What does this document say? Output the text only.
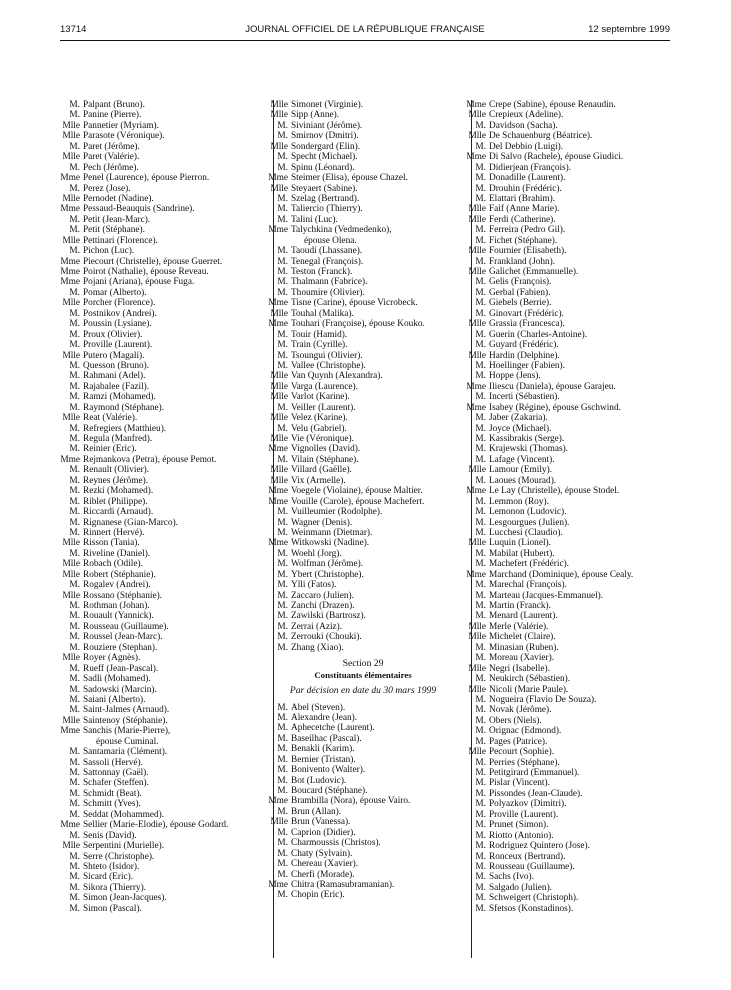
13714	JOURNAL OFFICIEL DE LA RÉPUBLIQUE FRANÇAISE	12 septembre 1999
M. Palpant (Bruno).
M. Panine (Pierre).
Mlle Pannetier (Myriam).
Mlle Parasote (Véronique).
M. Paret (Jérôme).
Mlle Paret (Valérie).
M. Pech (Jérôme).
Mme Penel (Laurence), épouse Pierron.
M. Perez (Jose).
Mlle Pernodet (Nadine).
Mme Pessaud-Beauquis (Sandrine).
M. Petit (Jean-Marc).
M. Petit (Stéphane).
Mlle Pettinari (Florence).
M. Pichon (Luc).
Mme Piecourt (Christelle), épouse Guerret.
Mme Poirot (Nathalie), épouse Reveau.
Mme Pojani (Ariana), épouse Fuga.
M. Pomar (Alberto).
Mlle Porcher (Florence).
M. Postnikov (Andrei).
M. Poussin (Lysiane).
M. Proux (Olivier).
M. Proville (Laurent).
Mlle Putero (Magali).
M. Quesson (Bruno).
M. Rahmani (Adel).
M. Rajabalee (Fazil).
M. Ramzi (Mohamed).
M. Raymond (Stéphane).
Mlle Reat (Valérie).
M. Refregiers (Matthieu).
M. Regula (Manfred).
M. Reinier (Eric).
Mme Rejmankova (Petra), épouse Pemot.
M. Renault (Olivier).
M. Reynes (Jérôme).
M. Rezki (Mohamed).
M. Riblet (Philippe).
M. Riccardi (Arnaud).
M. Rignanese (Gian-Marco).
M. Rinnert (Hervé).
Mlle Risson (Tania).
M. Riveline (Daniel).
Mlle Robach (Odile).
Mlle Robert (Stéphanie).
M. Rogalev (Andrei).
Mlle Rossano (Stéphanie).
M. Rothman (Johan).
M. Rouault (Yannick).
M. Rousseau (Guillaume).
M. Roussel (Jean-Marc).
M. Rouziere (Stephan).
Mlle Royer (Agnès).
M. Rueff (Jean-Pascal).
M. Sadli (Mohamed).
M. Sadowski (Marcin).
M. Saiani (Alberto).
M. Saint-Jalmes (Arnaud).
Mlle Saintenoy (Stéphanie).
Mme Sanchis (Marie-Pierre),
épouse Cuminal.
M. Santamaria (Clément).
M. Sassoli (Hervé).
M. Sattonnay (Gaël).
M. Schafer (Steffen).
M. Schmidt (Beat).
M. Schmitt (Yves).
M. Seddat (Mohammed).
Mme Sellier (Marie-Elodie), épouse Godard.
M. Senis (David).
Mlle Serpentini (Murielle).
M. Serre (Christophe).
M. Shteto (Isidor).
M. Sicard (Eric).
M. Sikora (Thierry).
M. Simon (Jean-Jacques).
M. Simon (Pascal).
Mlle Simonet (Virginie).
Mlle Sipp (Anne).
M. Siviniant (Jérôme).
M. Smirnov (Dmitri).
Mlle Sondergard (Elin).
M. Specht (Michael).
M. Spinu (Léonard).
Mme Steimer (Elisa), épouse Chazel.
Mlle Steyaert (Sabine).
M. Szelag (Bertrand).
M. Taliercio (Thierry).
M. Talini (Luc).
Mme Talychkina (Vedmedenko),
épouse Olena.
M. Taoudi (Lhassane).
M. Tenegal (François).
M. Teston (Franck).
M. Thalmann (Fabrice).
M. Thoumire (Olivier).
Mme Tisne (Carine), épouse Vicrobeck.
Mlle Touhal (Malika).
Mme Touhari (Françoise), épouse Kouko.
M. Touir (Hamid).
M. Train (Cyrille).
M. Tsoungui (Olivier).
M. Vallee (Christophe).
Mlle Van Quynh (Alexandra).
Mlle Varga (Laurence).
Mlle Varlot (Karine).
M. Veiller (Laurent).
Mlle Velez (Karine).
M. Velu (Gabriel).
Mlle Vie (Véronique).
Mme Vignolles (David).
M. Vilain (Stéphane).
Mlle Villard (Gaëlle).
Mlle Vix (Armelle).
Mme Voegele (Violaine), épouse Maltier.
Mme Vouille (Carole), épouse Machefert.
M. Vuilleumier (Rodolphe).
M. Wagner (Denis).
M. Weinmann (Dietmar).
Mme Witkowski (Nadine).
M. Woehl (Jorg).
M. Wolfman (Jérôme).
M. Ybert (Christophe).
M. Ylli (Fatos).
M. Zaccaro (Julien).
M. Zanchi (Drazen).
M. Zawilski (Bartrosz).
M. Zerrai (Aziz).
M. Zerrouki (Chouki).
M. Zhang (Xiao).
Section 29
Constituants élémentaires
Par décision en date du 30 mars 1999
M. Abel (Steven).
M. Alexandre (Jean).
M. Aphecetche (Laurent).
M. Baseilhac (Pascal).
M. Benakli (Karim).
M. Bernier (Tristan).
M. Bonivento (Walter).
M. Bot (Ludovic).
M. Boucard (Stéphane).
Mme Brambilla (Nora), épouse Vairo.
M. Brun (Allan).
Mlle Brun (Vanessa).
M. Caprion (Didier).
M. Charmoussis (Christos).
M. Chaty (Sylvain).
M. Chereau (Xavier).
M. Cherfi (Morade).
Mme Chitra (Ramasubramanian).
M. Chopin (Eric).
Mme Crepe (Sabine), épouse Renaudin.
Mlle Crepieux (Adeline).
M. Davidson (Sacha).
Mlle De Schauenburg (Béatrice).
M. Del Debbio (Luigi).
Mme Di Salvo (Rachele), épouse Giudici.
M. Didierjean (François).
M. Donadille (Laurent).
M. Drouhin (Frédéric).
M. Elattari (Brahim).
Mlle Faif (Anne Marie).
Mlle Ferdi (Catherine).
M. Ferreira (Pedro Gil).
M. Fichet (Stéphane).
Mlle Fournier (Elisabeth).
M. Frankland (John).
Mlle Galichet (Emmanuelle).
M. Gelis (François).
M. Gerbal (Fabien).
M. Giebels (Berrie).
M. Ginovart (Frédéric).
Mlle Grassia (Francesca).
M. Guerin (Charles-Antoine).
M. Guyard (Frédéric).
Mlle Hardin (Delphine).
M. Hoellinger (Fabien).
M. Hoppe (Jens).
Mme Iliescu (Daniela), épouse Garajeu.
M. Incerti (Sébastien).
Mme Isabey (Régine), épouse Gschwind.
M. Jaber (Zakaria).
M. Joyce (Michael).
M. Kassibrakis (Serge).
M. Krajewski (Thomas).
M. Lafage (Vincent).
Mlle Lamour (Emily).
M. Laoues (Mourad).
Mme Le Lay (Christelle), épouse Stodel.
M. Lemmon (Roy).
M. Lemonon (Ludovic).
M. Lesgourgues (Julien).
M. Lucchesi (Claudio).
Mlle Luquin (Lionel).
M. Mabilat (Hubert).
M. Machefert (Frédéric).
Mme Marchand (Dominique), épouse Cealy.
M. Marechal (François).
M. Marteau (Jacques-Emmanuel).
M. Martin (Franck).
M. Menard (Laurent).
Mlle Merle (Valérie).
Mlle Michelet (Claire).
M. Minasian (Ruben).
M. Moreau (Xavier).
Mlle Negri (Isabelle).
M. Neukirch (Sébastien).
Mlle Nicoli (Marie Paule).
M. Nogueira (Flavio De Souza).
M. Novak (Jérôme).
M. Obers (Niels).
M. Orignac (Edmond).
M. Pages (Patrice).
Mlle Pecourt (Sophie).
M. Perries (Stéphane).
M. Petitgirard (Emmanuel).
M. Pislar (Vincent).
M. Pissondes (Jean-Claude).
M. Polyazkov (Dimitri).
M. Proville (Laurent).
M. Prunet (Simon).
M. Riotto (Antonio).
M. Rodriguez Quintero (Jose).
M. Ronceux (Bertrand).
M. Rousseau (Guillaume).
M. Sachs (Ivo).
M. Salgado (Julien).
M. Schweigert (Christoph).
M. Sfetsos (Konstadinos).
